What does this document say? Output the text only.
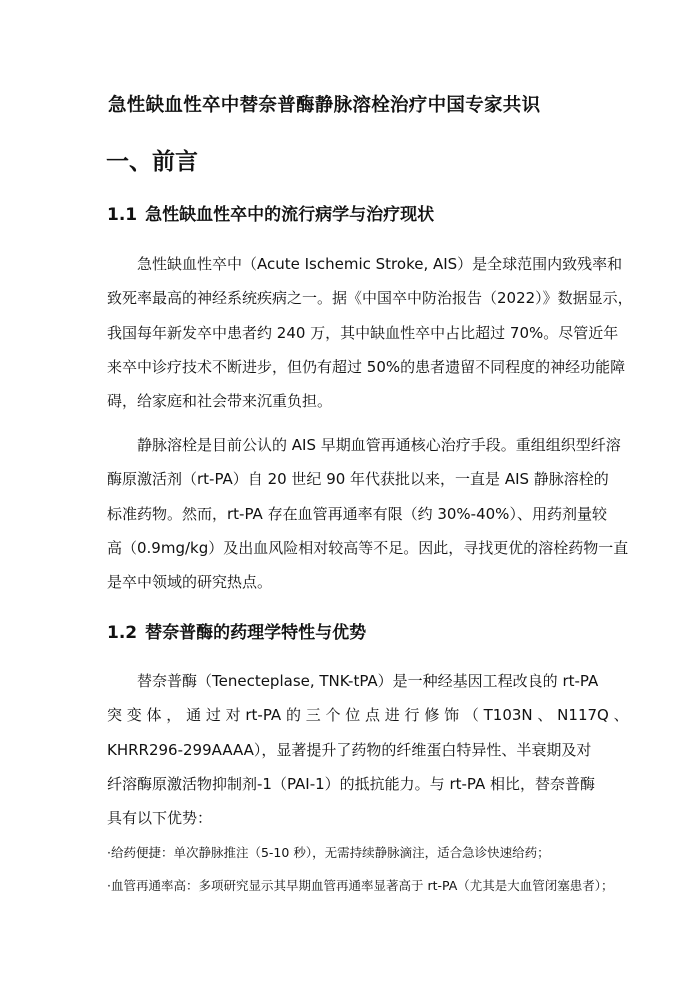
急性缺血性卒中替奈普酶静脉溶栓治疗中国专家共识
一、前言
1.1 急性缺血性卒中的流行病学与治疗现状
急性缺血性卒中（Acute Ischemic Stroke, AIS）是全球范围内致残率和
致死率最高的神经系统疾病之一。据《中国卒中防治报告（2022）》数据显示，
我国每年新发卒中患者约 240 万，其中缺血性卒中占比超过 70%。尽管近年
来卒中诊疗技术不断进步，但仍有超过 50%的患者遗留不同程度的神经功能障
碍，给家庭和社会带来沉重负担。
静脉溶栓是目前公认的 AIS 早期血管再通核心治疗手段。重组组织型纤溶
酶原激活剂（rt-PA）自 20 世纪 90 年代获批以来，一直是 AIS 静脉溶栓的
标准药物。然而，rt-PA 存在血管再通率有限（约 30%-40%）、用药剂量较
高（0.9mg/kg）及出血风险相对较高等不足。因此，寻找更优的溶栓药物一直
是卒中领域的研究热点。
1.2 替奈普酶的药理学特性与优势
替奈普酶（Tenecteplase, TNK-tPA）是一种经基因工程改良的 rt-PA
突 变 体 ， 通 过 对 rt-PA 的 三 个 位 点 进 行 修 饰 （ T103N 、 N117Q 、
KHRR296-299AAAA），显著提升了药物的纤维蛋白特异性、半衰期及对
纤溶酶原激活物抑制剂-1（PAI-1）的抵抗能力。与 rt-PA 相比，替奈普酶
具有以下优势：
·给药便捷：单次静脉推注（5-10 秒），无需持续静脉滴注，适合急诊快速给药；
·血管再通率高：多项研究显示其早期血管再通率显著高于 rt-PA（尤其是大血管闭塞患者）；
